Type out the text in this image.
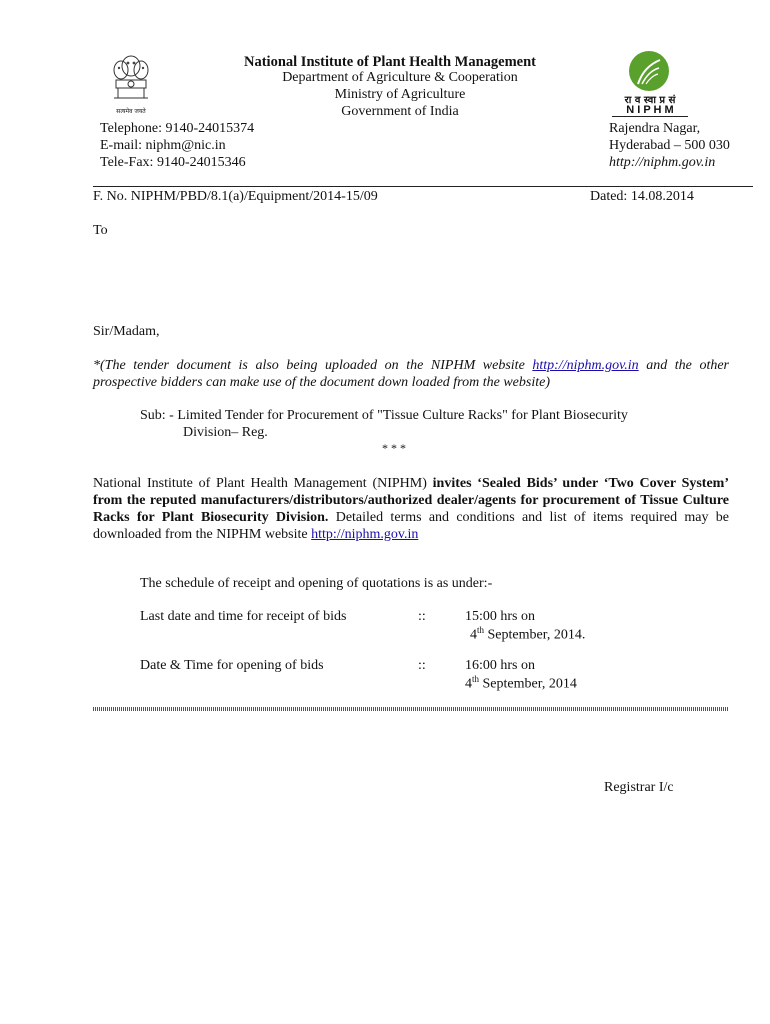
सत्यमेव जयते
National Institute of Plant Health Management
Department of Agriculture & Cooperation
Ministry of Agriculture
Government of India
रा व स्वा प्र सं
N I P H M
Telephone: 9140-24015374
E-mail: niphm@nic.in
Tele-Fax: 9140-24015346
Rajendra Nagar,
Hyderabad – 500 030
http://niphm.gov.in
F. No. NIPHM/PBD/8.1(a)/Equipment/2014-15/09	Dated: 14.08.2014
To
Sir/Madam,
*(The tender document is also being uploaded on the NIPHM website http://niphm.gov.in and the other prospective bidders can make use of the document down loaded from the website)
Sub: - Limited Tender for Procurement of "Tissue Culture Racks" for Plant Biosecurity
Division– Reg.
* * *
National Institute of Plant Health Management (NIPHM) invites ‘Sealed Bids’ under ‘Two Cover System’ from the reputed manufacturers/distributors/authorized dealer/agents for procurement of Tissue Culture Racks for Plant Biosecurity Division. Detailed terms and conditions and list of items required may be downloaded from the NIPHM website http://niphm.gov.in
The schedule of receipt and opening of quotations is as under:-
Last date and time for receipt of bids	::	15:00 hrs on
4th September, 2014.
Date & Time for opening of bids	::	16:00 hrs on
4th September, 2014
Registrar I/c
